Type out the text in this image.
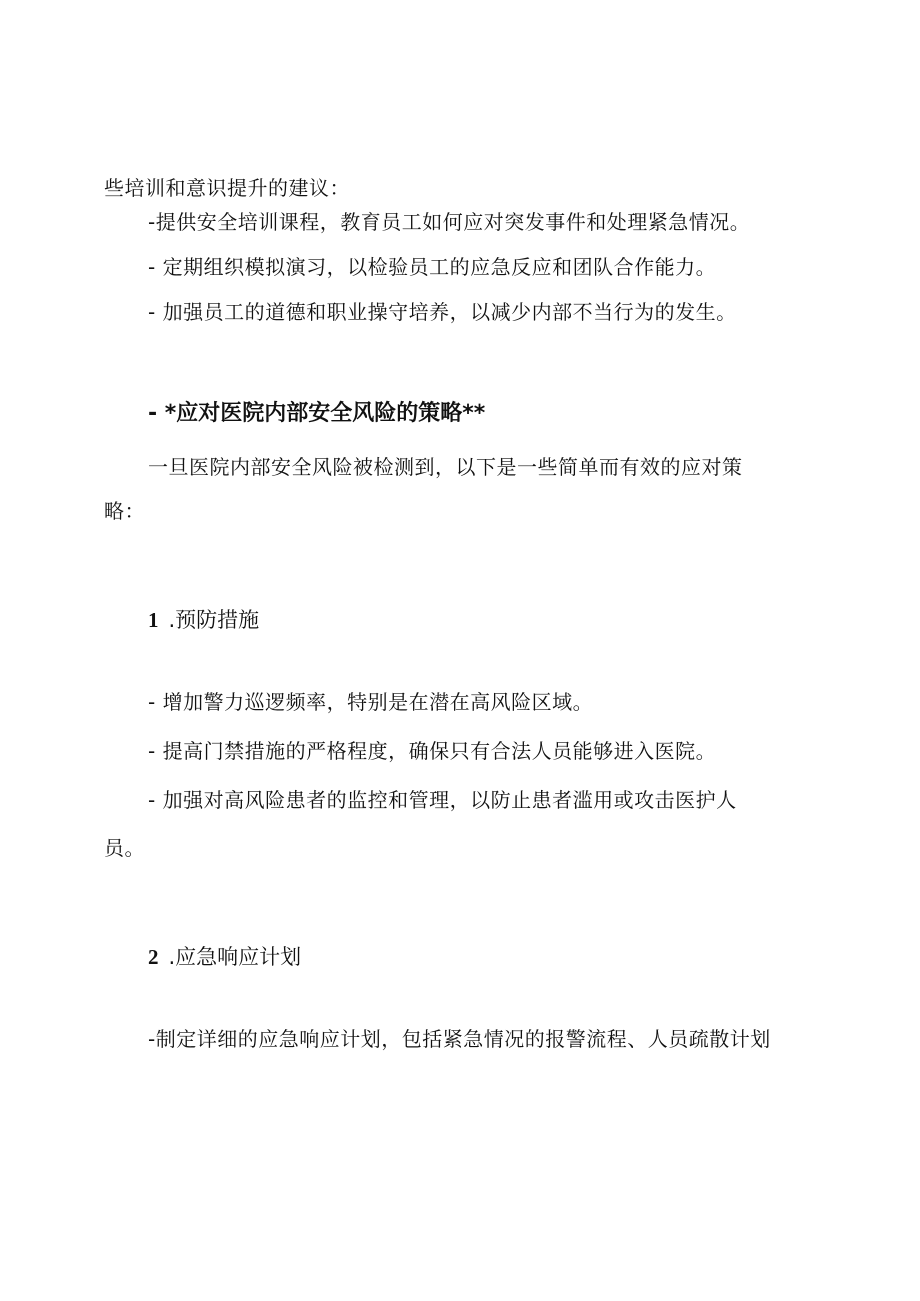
些培训和意识提升的建议：
-提供安全培训课程，教育员工如何应对突发事件和处理紧急情况。
- 定期组织模拟演习，以检验员工的应急反应和团队合作能力。
- 加强员工的道德和职业操守培养，以减少内部不当行为的发生。
- *应对医院内部安全风险的策略**
一旦医院内部安全风险被检测到，以下是一些简单而有效的应对策
略：
1 .预防措施
- 增加警力巡逻频率，特别是在潜在高风险区域。
- 提高门禁措施的严格程度，确保只有合法人员能够进入医院。
- 加强对高风险患者的监控和管理，以防止患者滥用或攻击医护人
员。
2 .应急响应计划
-制定详细的应急响应计划，包括紧急情况的报警流程、人员疏散计划
